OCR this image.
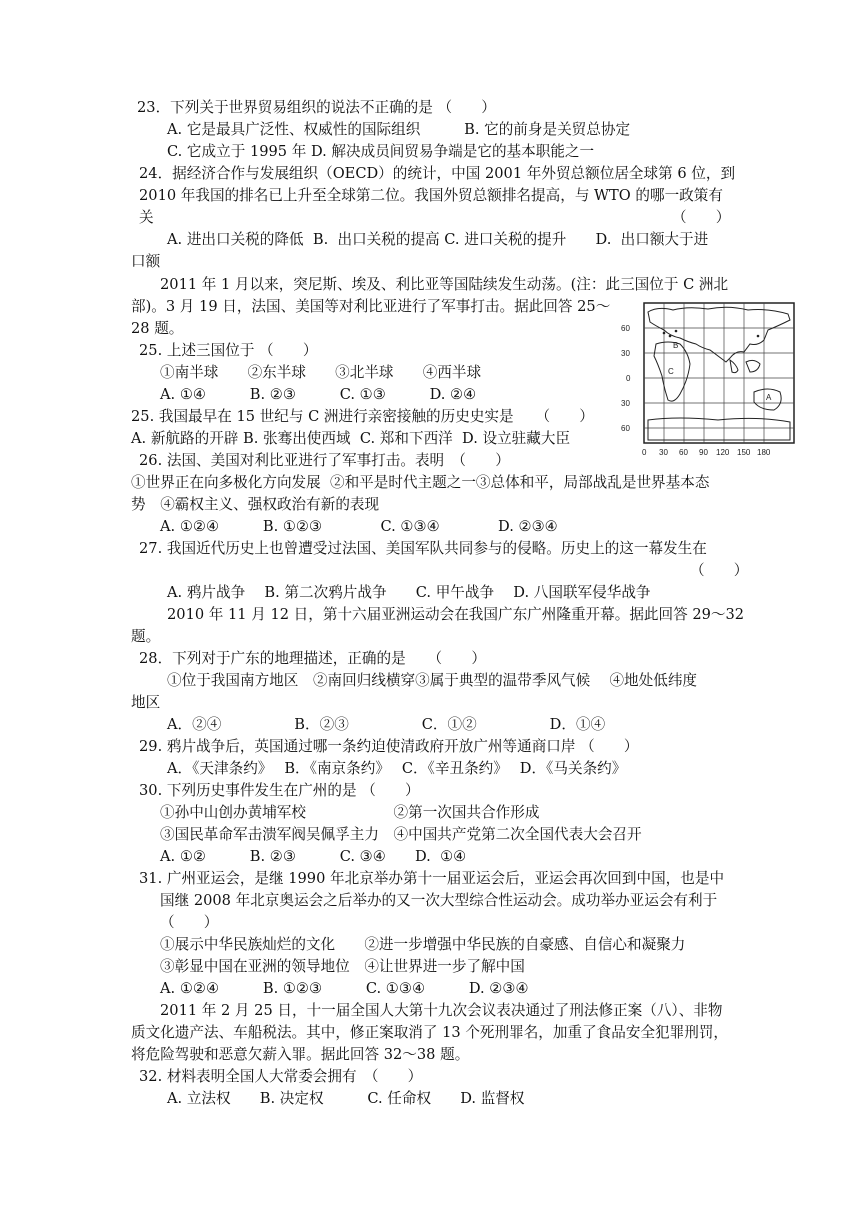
23．下列关于世界贸易组织的说法不正确的是 （　　）
A. 它是最具广泛性、权威性的国际组织　　　B. 它的前身是关贸总协定
C. 它成立于 1995 年 D. 解决成员间贸易争端是它的基本职能之一
24．据经济合作与发展组织（OECD）的统计，中国 2001 年外贸总额位居全球第 6 位，到
2010 年我国的排名已上升至全球第二位。我国外贸总额排名提高，与 WTO 的哪一政策有
关	（　　）
A. 进出口关税的降低  B.  出口关税的提高 C. 进口关税的提升　　D.  出口额大于进
口额
2011 年 1 月以来，突尼斯、埃及、利比亚等国陆续发生动荡。(注：此三国位于 C 洲北
部)。3 月 19 日，法国、美国等对利比亚进行了军事打击。据此回答 25～
28 题。
25. 上述三国位于 （　　）
①南半球　　②东半球　　③北半球　　④西半球
A. ①④　　　B. ②③　　　C. ①③　　　D. ②④
25. 我国最早在 15 世纪与 C 洲进行亲密接触的历史史实是　　（　　）
A. 新航路的开辟 B. 张骞出使西域  C. 郑和下西洋  D. 设立驻藏大臣
26. 法国、美国对利比亚进行了军事打击。表明　（　　）
①世界正在向多极化方向发展  ②和平是时代主题之一③总体和平，局部战乱是世界基本态
势　④霸权主义、强权政治有新的表现
A. ①②④　　　B. ①②③　　　　C. ①③④　　　　D. ②③④
27. 我国近代历史上也曾遭受过法国、美国军队共同参与的侵略。历史上的这一幕发生在
（　　）
A. 鸦片战争　 B. 第二次鸦片战争　　C. 甲午战争　 D. 八国联军侵华战争
2010 年 11 月 12 日，第十六届亚洲运动会在我国广东广州隆重开幕。据此回答 29～32
题。
28．下列对于广东的地理描述，正确的是　　（　　）
①位于我国南方地区　②南回归线横穿③属于典型的温带季风气候　 ④地处低纬度
地区
A．②④　　　　　B．②③　　　　　C．①②　　　　　D．①④
29. 鸦片战争后，英国通过哪一条约迫使清政府开放广州等通商口岸 （　　）
A．《天津条约》　 B．《南京条约》　 C．《辛丑条约》　 D．《马关条约》
30. 下列历史事件发生在广州的是 （　　）
①孙中山创办黄埔军校　　　　　　②第一次国共合作形成
③国民革命军击溃军阀吴佩孚主力　④中国共产党第二次全国代表大会召开
A. ①②　　　B. ②③　　　C. ③④　　D.  ①④
31. 广州亚运会，是继 1990 年北京举办第十一届亚运会后，亚运会再次回到中国，也是中
国继 2008 年北京奥运会之后举办的又一次大型综合性运动会。成功举办亚运会有利于
（　　）
①展示中华民族灿烂的文化　　②进一步增强中华民族的自豪感、自信心和凝聚力
③彰显中国在亚洲的领导地位　④让世界进一步了解中国
A. ①②④　　　B. ①②③　　　C. ①③④　　　D. ②③④
2011 年 2 月 25 日，十一届全国人大第十九次会议表决通过了刑法修正案（八）、非物
质文化遗产法、车船税法。其中，修正案取消了 13 个死刑罪名，加重了食品安全犯罪刑罚，
将危险驾驶和恶意欠薪入罪。据此回答 32～38 题。
32. 材料表明全国人大常委会拥有　（　　）
A. 立法权　　B. 决定权　　　C. 任命权　　D. 监督权
60
30
0
30
60
0 30 60 90 120 150 180
A
B
C
